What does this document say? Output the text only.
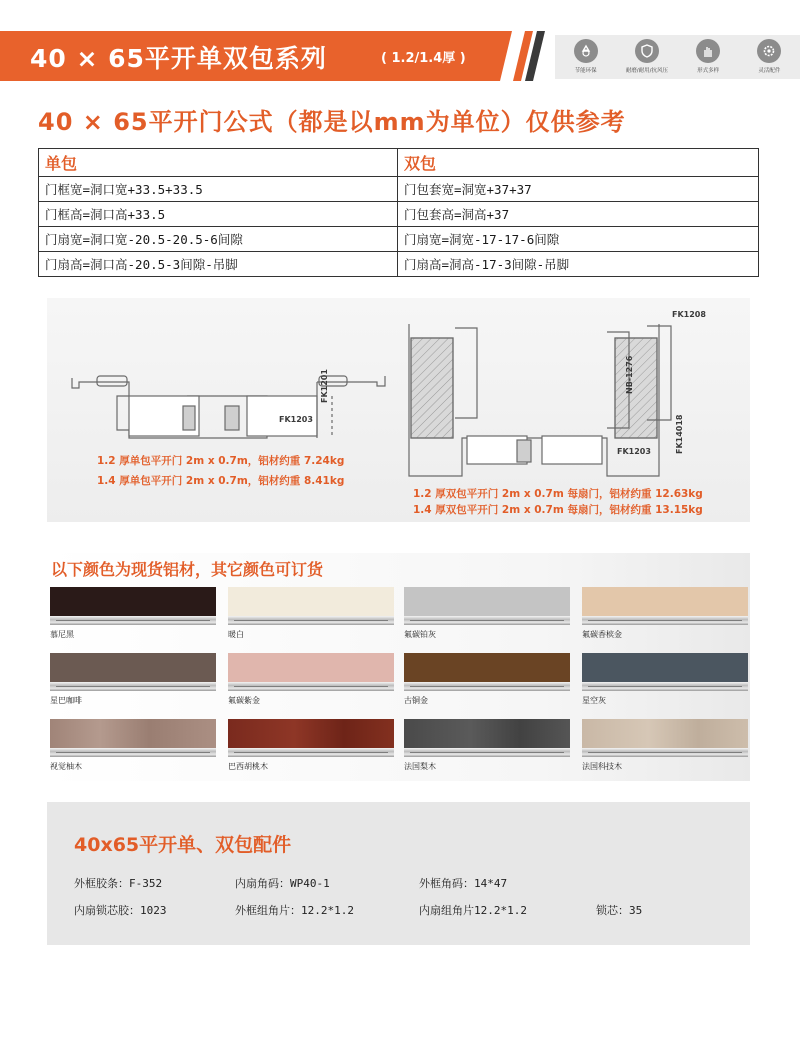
40 × 65平开单双包系列	( 1.2/1.4厚 )
节能环保	耐磨/耐用/抗风压	形式多样	灵活配件
40 × 65平开门公式（都是以mm为单位）仅供参考
单包	双包
门框宽=洞口宽+33.5+33.5	门包套宽=洞宽+37+37
门框高=洞口高+33.5	门包套高=洞高+37
门扇宽=洞口宽-20.5-20.5-6间隙	门扇宽=洞宽-17-17-6间隙
门扇高=洞口高-20.5-3间隙-吊脚	门扇高=洞高-17-3间隙-吊脚
FK1203
FK1201
FK1208
NB-1276
FK1203	FK14018
1.2 厚单包平开门 2m x 0.7m，铝材约重 7.24kg
1.4 厚单包平开门 2m x 0.7m，铝材约重 8.41kg
1.2 厚双包平开门 2m x 0.7m 每扇门，铝材约重 12.63kg
1.4 厚双包平开门 2m x 0.7m 每扇门，铝材约重 13.15kg
以下颜色为现货铝材，其它颜色可订货
慕尼黑	暖白	氟碳铂灰	氟碳香槟金
星巴咖啡	氟碳紫金	古铜金	星空灰
视觉柚木	巴西胡桃木	法国梨木	法国科技木
40x65平开单、双包配件
外框胶条：F-352	内扇角码：WP40-1	外框角码：14*47
内扇锁芯胶：1023	外框组角片：12.2*1.2	内扇组角片12.2*1.2	锁芯：35
